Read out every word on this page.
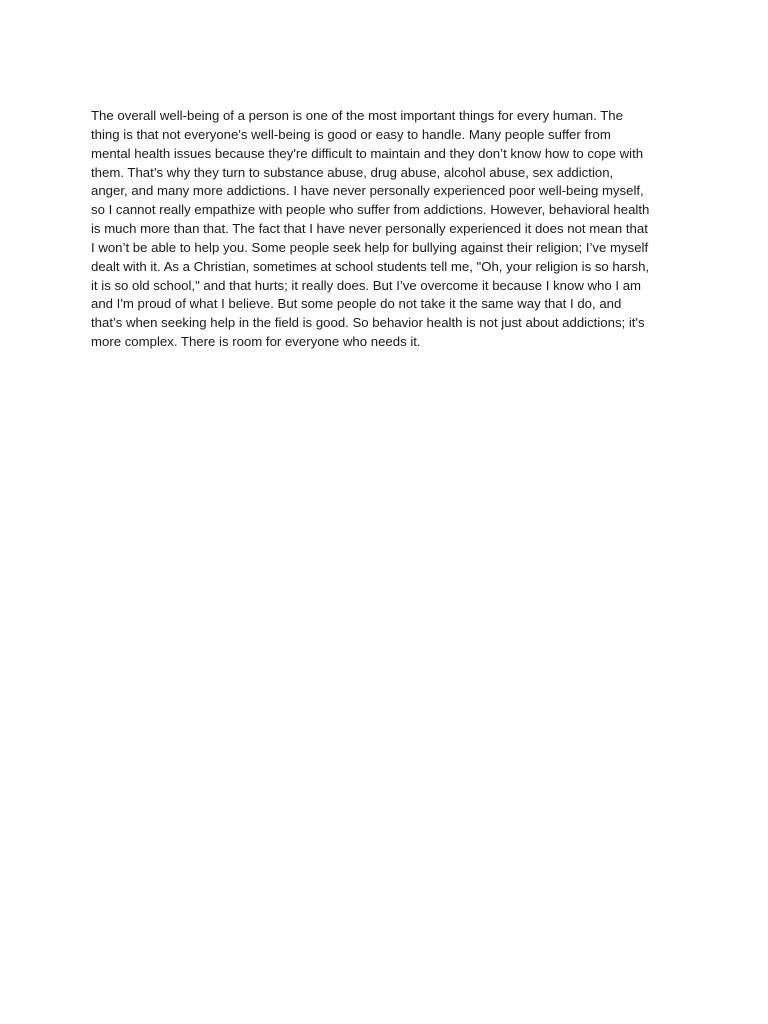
The overall well-being of a person is one of the most important things for every human. The
thing is that not everyone's well-being is good or easy to handle. Many people suffer from
mental health issues because they're difficult to maintain and they don’t know how to cope with
them. That’s why they turn to substance abuse, drug abuse, alcohol abuse, sex addiction,
anger, and many more addictions. I have never personally experienced poor well-being myself,
so I cannot really empathize with people who suffer from addictions. However, behavioral health
is much more than that. The fact that I have never personally experienced it does not mean that
I won’t be able to help you. Some people seek help for bullying against their religion; I’ve myself
dealt with it. As a Christian, sometimes at school students tell me, "Oh, your religion is so harsh,
it is so old school," and that hurts; it really does. But I’ve overcome it because I know who I am
and I'm proud of what I believe. But some people do not take it the same way that I do, and
that’s when seeking help in the field is good. So behavior health is not just about addictions; it's
more complex. There is room for everyone who needs it.
